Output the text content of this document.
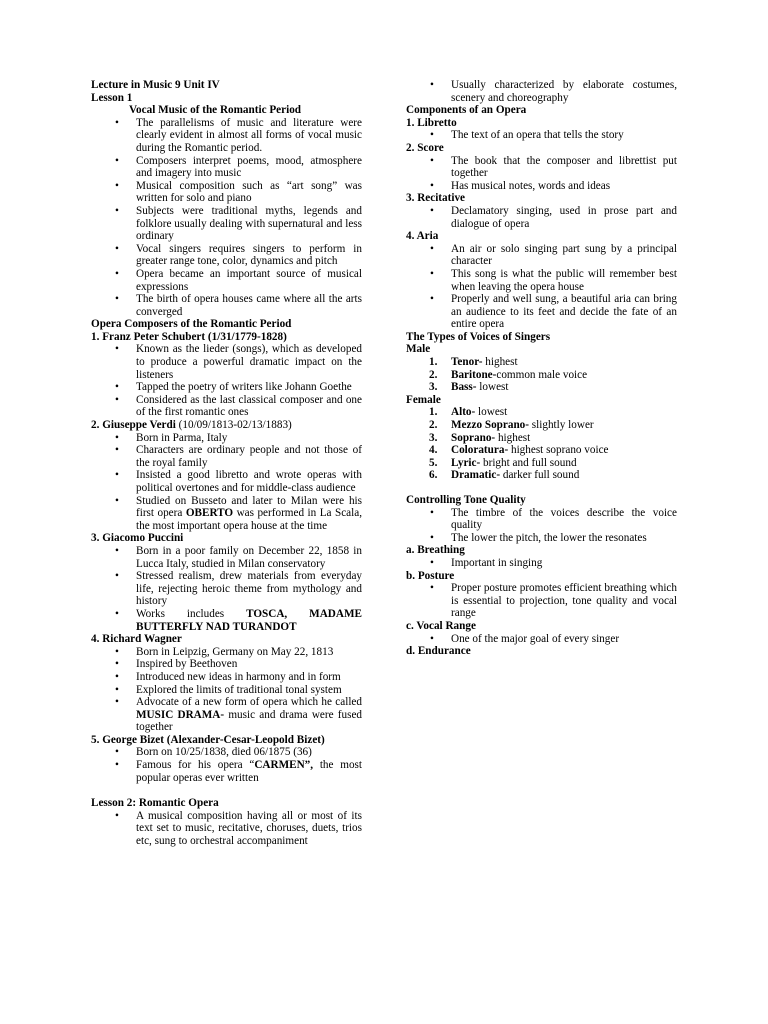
Lecture in Music 9 Unit IV

Lesson 1

Vocal Music of the Romantic Period

• The parallelisms of music and literature were clearly evident in almost all forms of vocal music during the Romantic period.
• Composers interpret poems, mood, atmosphere and imagery into music
• Musical composition such as “art song” was written for solo and piano
• Subjects were traditional myths, legends and folklore usually dealing with supernatural and less ordinary
• Vocal singers requires singers to perform in greater range tone, color, dynamics and pitch
• Opera became an important source of musical expressions
• The birth of opera houses came where all the arts converged

Opera Composers of the Romantic Period

1. Franz Peter Schubert (1/31/1779-1828)

• Known as the lieder (songs), which as developed to produce a powerful dramatic impact on the listeners
• Tapped the poetry of writers like Johann Goethe
• Considered as the last classical composer and one of the first romantic ones

2. Giuseppe Verdi (10/09/1813-02/13/1883)

• Born in Parma, Italy
• Characters are ordinary people and not those of the royal family
• Insisted a good libretto and wrote operas with political overtones and for middle-class audience
• Studied on Busseto and later to Milan were his first opera OBERTO was performed in La Scala, the most important opera house at the time

3. Giacomo Puccini

• Born in a poor family on December 22, 1858 in Lucca Italy, studied in Milan conservatory
• Stressed realism, drew materials from everyday life, rejecting heroic theme from mythology and history
• Works includes TOSCA, MADAME BUTTERFLY NAD TURANDOT

4. Richard Wagner

• Born in Leipzig, Germany on May 22, 1813
• Inspired by Beethoven
• Introduced new ideas in harmony and in form
• Explored the limits of traditional tonal system
• Advocate of a new form of opera which he called MUSIC DRAMA- music and drama were fused together

5. George Bizet (Alexander-Cesar-Leopold Bizet)

• Born on 10/25/1838, died 06/1875 (36)
• Famous for his opera “CARMEN”, the most popular operas ever written

Lesson 2: Romantic Opera

• A musical composition having all or most of its text set to music, recitative, choruses, duets, trios etc, sung to orchestral accompaniment
• Usually characterized by elaborate costumes, scenery and choreography

Components of an Opera

1. Libretto

• The text of an opera that tells the story

2. Score

• The book that the composer and librettist put together
• Has musical notes, words and ideas

3. Recitative

• Declamatory singing, used in prose part and dialogue of opera

4. Aria

• An air or solo singing part sung by a principal character
• This song is what the public will remember best when leaving the opera house
• Properly and well sung, a beautiful aria can bring an audience to its feet and decide the fate of an entire opera

The Types of Voices of Singers

Male

1. Tenor- highest
2. Baritone-common male voice
3. Bass- lowest

Female

1. Alto- lowest
2. Mezzo Soprano- slightly lower
3. Soprano- highest
4. Coloratura- highest soprano voice
5. Lyric- bright and full sound
6. Dramatic- darker full sound

Controlling Tone Quality

• The timbre of the voices describe the voice quality
• The lower the pitch, the lower the resonates

a. Breathing

• Important in singing

b. Posture

• Proper posture promotes efficient breathing which is essential to projection, tone quality and vocal range

c. Vocal Range

• One of the major goal of every singer

d. Endurance
